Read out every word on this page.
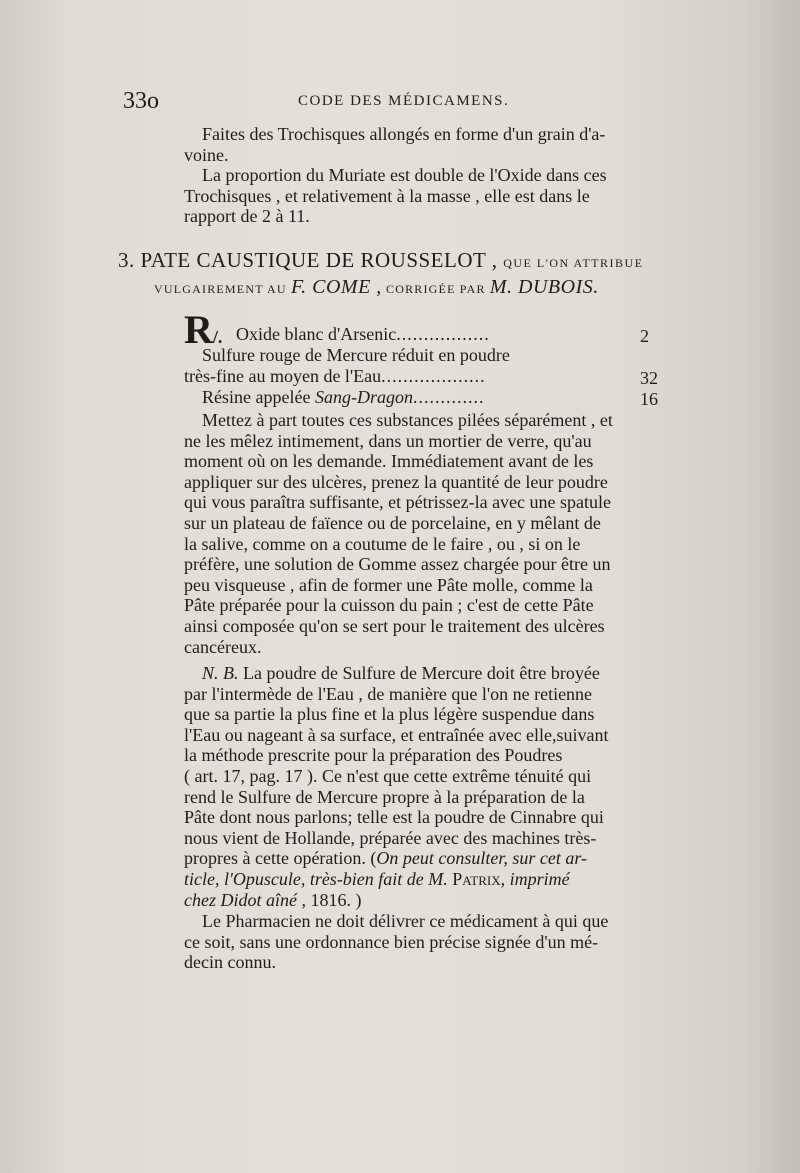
33o	CODE DES MÉDICAMENS.

Faites des Trochisques allongés en forme d'un grain d'a-

voine.

La proportion du Muriate est double de l'Oxide dans ces

Trochisques , et relativement à la masse , elle est dans le

rapport de 2 à 11.

3. PATE CAUSTIQUE DE ROUSSELOT , QUE L'ON ATTRIBUE
VULGAIREMENT AU F. COME , CORRIGÉE PAR M. DUBOIS.
R/. Oxide blanc d'Arsenic.................	2
Sulfure rouge de Mercure réduit en poudre
très-fine au moyen de l'Eau...................	32
Résine appelée Sang-Dragon.............	16

Mettez à part toutes ces substances pilées séparément , et

ne les mêlez intimement, dans un mortier de verre, qu'au

moment où on les demande. Immédiatement avant de les

appliquer sur des ulcères, prenez la quantité de leur poudre

qui vous paraîtra suffisante, et pétrissez-la avec une spatule

sur un plateau de faïence ou de porcelaine, en y mêlant de

la salive, comme on a coutume de le faire , ou , si on le

préfère, une solution de Gomme assez chargée pour être un

peu visqueuse , afin de former une Pâte molle, comme la

Pâte préparée pour la cuisson du pain ; c'est de cette Pâte

ainsi composée qu'on se sert pour le traitement des ulcères

cancéreux.

N. B. La poudre de Sulfure de Mercure doit être broyée

par l'intermède de l'Eau , de manière que l'on ne retienne

que sa partie la plus fine et la plus légère suspendue dans

l'Eau ou nageant à sa surface, et entraînée avec elle,suivant

la méthode prescrite pour la préparation des Poudres

( art. 17, pag. 17 ). Ce n'est que cette extrême ténuité qui

rend le Sulfure de Mercure propre à la préparation de la

Pâte dont nous parlons; telle est la poudre de Cinnabre qui

nous vient de Hollande, préparée avec des machines très-

propres à cette opération. (On peut consulter, sur cet ar-

ticle, l'Opuscule, très-bien fait de M. Patrix, imprimé

chez Didot aîné , 1816. )

Le Pharmacien ne doit délivrer ce médicament à qui que

ce soit, sans une ordonnance bien précise signée d'un mé-

decin connu.
